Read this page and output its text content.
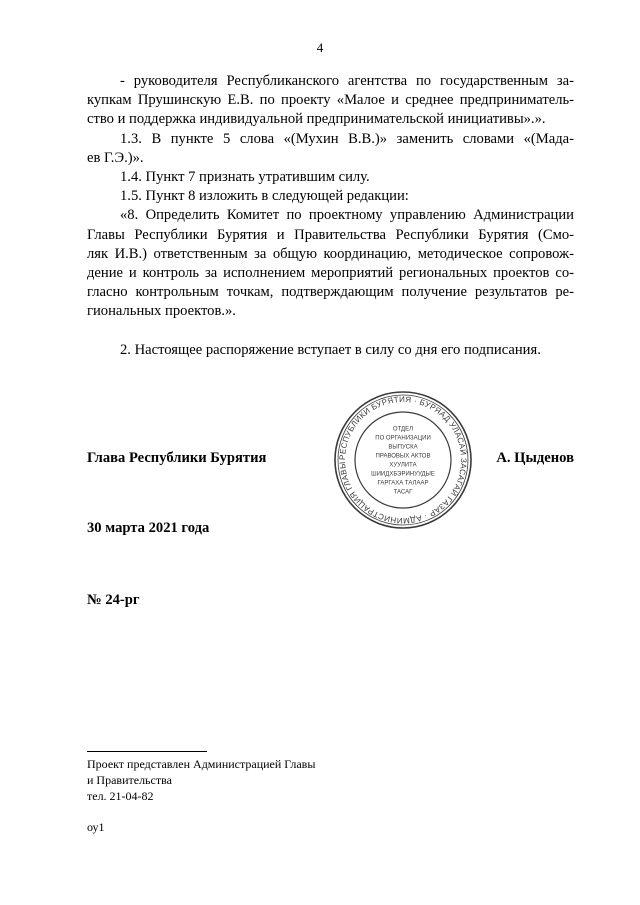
4
- руководителя Республиканского агентства по государственным за-
купкам Прушинскую Е.В. по проекту «Малое и среднее предприниматель-
ство и поддержка индивидуальной предпринимательской инициативы».».
1.3. В пункте 5 слова «(Мухин В.В.)» заменить словами «(Мада-
ев Г.Э.)».
1.4. Пункт 7 признать утратившим силу.
1.5. Пункт 8 изложить в следующей редакции:
«8. Определить Комитет по проектному управлению Администрации
Главы Республики Бурятия и Правительства Республики Бурятия (Смо-
ляк И.В.) ответственным за общую координацию, методическое сопровож-
дение и контроль за исполнением мероприятий региональных проектов со-
гласно контрольным точкам, подтверждающим получение результатов ре-
гиональных проектов.».
2. Настоящее распоряжение вступает в силу со дня его подписания.
РЕСПУБЛИКИ БУРЯТИЯ · БУРЯАД УЛАСАЙ ЗАСАГАЙ ГАЗАР · АДМИНИСТРАЦИЯ ГЛАВЫ
ОТДЕЛ
ПО ОРГАНИЗАЦИИ
ВЫПУСКА
ПРАВОВЫХ АКТОВ
ХУУЛИТА
ШИИДХБЭРИНУУДЫЕ
ГАРГАХА ТАЛААР
ТАСАГ
Глава Республики Бурятия	А. Цыденов
30 марта 2021 года
№ 24-рг
Проект представлен Администрацией Главы
и Правительства
тел. 21-04-82
оу1
